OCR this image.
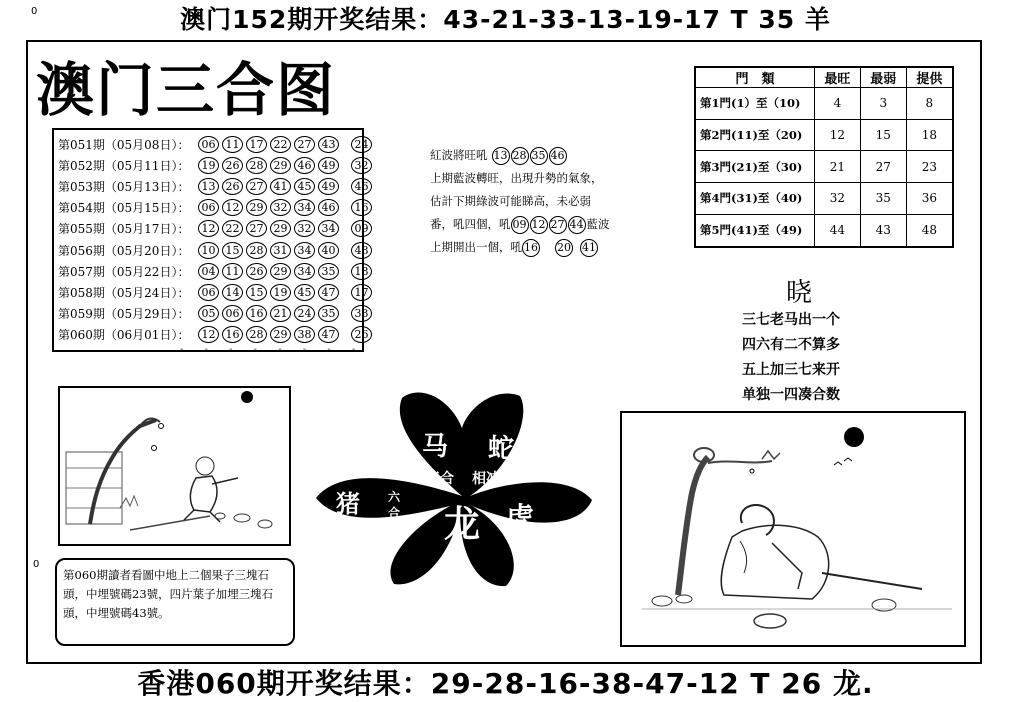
0
0
澳门152期开奖结果：43-21-33-13-19-17 T 35 羊
澳门三合图
第051期（05月08日）：	06 11 17 22 27 43	24
第052期（05月11日）：	19 26 28 29 46 49	32
第053期（05月13日）：	13 26 27 41 45 49	46
第054期（05月15日）：	06 12 29 32 34 46	16
第055期（05月17日）：	12 22 27 29 32 34	09
第056期（05月20日）：	10 15 28 31 34 40	48
第057期（05月22日）：	04 11 26 29 34 35	18
第058期（05月24日）：	06 14 15 19 45 47	17
第059期（05月29日）：	05 06 16 21 24 35	33
第060期（06月01日）：	12 16 28 29 38 47	26
- - - - - - - -
紅波將旺吼 13 28 35 46
上期藍波轉旺，出現升勢的氣象，
估計下期綠波可能睇高，未必弱
番，吼四個，吼 09 12 27 44 藍波
上期開出一個，吼 16 20 41
門　類	最旺	最弱	提供
第1門(1）至（10)	4	3	8
第2門(11)至（20)	12	15	18
第3門(21)至（30)	21	27	23
第4門(31)至（40)	32	35	36
第5門(41)至（49)	44	43	48
晓
三七老马出一个
四六有二不算多
五上加三七来开
单独一四凑合数
马 蛇
三合 相冲
猪 六
合 龙 虎
第060期讀者看圖中地上二個果子三塊石頭，中埋號碼23號，四片葉子加埋三塊石頭，中埋號碼43號。
香港060期开奖结果：29-28-16-38-47-12 T 26 龙.
